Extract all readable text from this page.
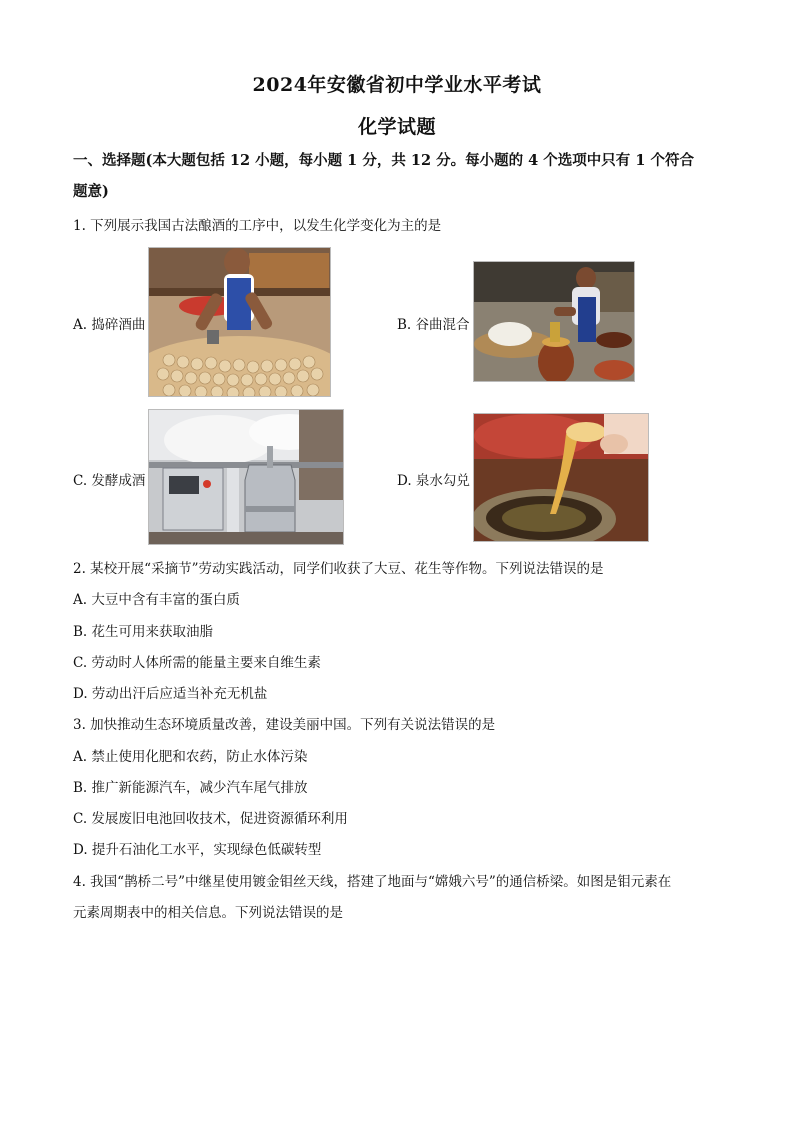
2024年安徽省初中学业水平考试
化学试题
一、选择题(本大题包括 12 小题，每小题 1 分，共 12 分。每小题的 4 个选项中只有 1 个符合
题意)
1. 下列展示我国古法酿酒的工序中，以发生化学变化为主的是
A. 捣碎酒曲	B. 谷曲混合
C. 发酵成酒	D. 泉水勾兑
2. 某校开展“采摘节”劳动实践活动，同学们收获了大豆、花生等作物。下列说法错误的是
A. 大豆中含有丰富的蛋白质
B. 花生可用来获取油脂
C. 劳动时人体所需的能量主要来自维生素
D. 劳动出汗后应适当补充无机盐
3. 加快推动生态环境质量改善，建设美丽中国。下列有关说法错误的是
A. 禁止使用化肥和农药，防止水体污染
B. 推广新能源汽车，减少汽车尾气排放
C. 发展废旧电池回收技术，促进资源循环利用
D. 提升石油化工水平，实现绿色低碳转型
4. 我国“鹊桥二号”中继星使用镀金钼丝天线，搭建了地面与“嫦娥六号”的通信桥梁。如图是钼元素在
元素周期表中的相关信息。下列说法错误的是
